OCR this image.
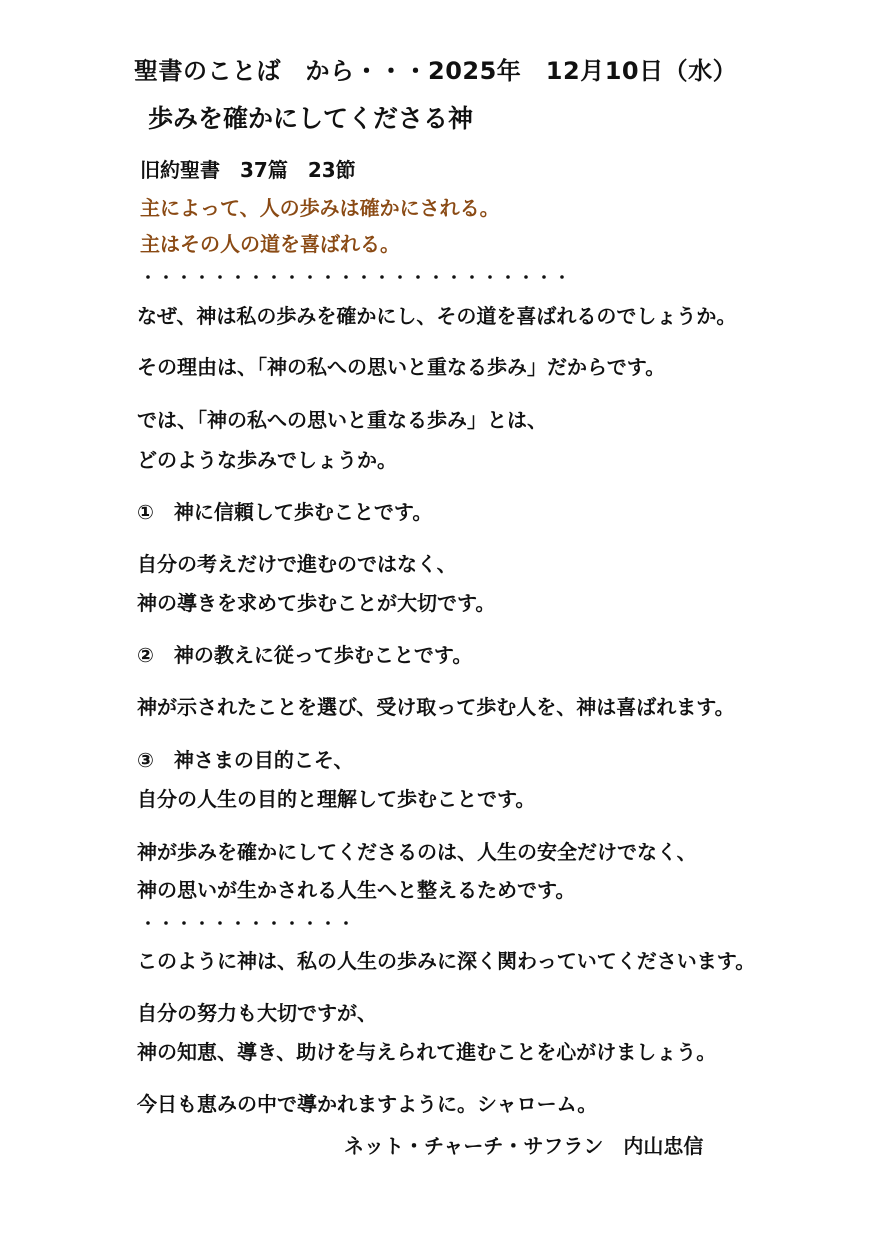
聖書のことば　から・・・2025年　12月10日（水）
歩みを確かにしてくださる神
旧約聖書　37篇　23節
主によって、人の歩みは確かにされる。
主はその人の道を喜ばれる。
・・・・・・・・・・・・・・・・・・・・・・・・
なぜ、神は私の歩みを確かにし、その道を喜ばれるのでしょうか。
その理由は、「神の私への思いと重なる歩み」だからです。
では、「神の私への思いと重なる歩み」とは、
どのような歩みでしょうか。
①　神に信頼して歩むことです。
自分の考えだけで進むのではなく、
神の導きを求めて歩むことが大切です。
②　神の教えに従って歩むことです。
神が示されたことを選び、受け取って歩む人を、神は喜ばれます。
③　神さまの目的こそ、
自分の人生の目的と理解して歩むことです。
神が歩みを確かにしてくださるのは、人生の安全だけでなく、
神の思いが生かされる人生へと整えるためです。
・・・・・・・・・・・・
このように神は、私の人生の歩みに深く関わっていてくださいます。
自分の努力も大切ですが、
神の知恵、導き、助けを与えられて進むことを心がけましょう。
今日も恵みの中で導かれますように。シャローム。
ネット・チャーチ・サフラン　内山忠信
